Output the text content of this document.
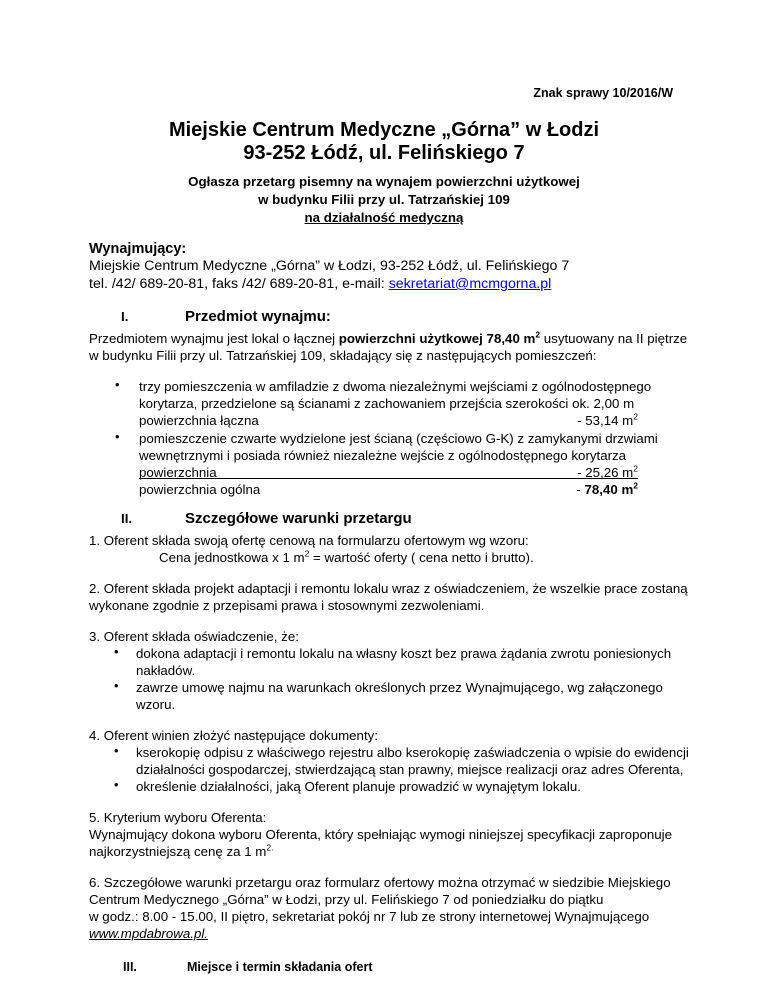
Znak sprawy 10/2016/W
Miejskie Centrum Medyczne „Górna” w Łodzi
93-252 Łódź, ul. Felińskiego 7
Ogłasza przetarg pisemny na wynajem powierzchni użytkowej
w budynku Filii przy ul. Tatrzańskiej 109
na działalność medyczną
Wynajmujący:
Miejskie Centrum Medyczne „Górna” w Łodzi, 93-252 Łódź, ul. Felińskiego 7
tel. /42/ 689-20-81, faks /42/ 689-20-81, e-mail: sekretariat@mcmgorna.pl
I.	Przedmiot wynajmu:
Przedmiotem wynajmu jest lokal o łącznej powierzchni użytkowej 78,40 $m^2$ usytuowany na II piętrze
w budynku Filii przy ul. Tatrzańskiej 109, składający się z następujących pomieszczeń:
• trzy pomieszczenia w amfiladzie z dwoma niezależnymi wejściami z ogólnodostępnego
korytarza, przedzielone są ścianami z zachowaniem przejścia szerokości ok. 2,00 m
powierzchnia łączna	- 53,14 $m^2$
• pomieszczenie czwarte wydzielone jest ścianą (częściowo G-K) z zamykanymi drzwiami
wewnętrznymi i posiada również niezależne wejście z ogólnodostępnego korytarza
powierzchnia	- 25,26 $m^2$
powierzchnia ogólna	- 78,40 $m^2$
II.	Szczegółowe warunki przetargu
1. Oferent składa swoją ofertę cenową na formularzu ofertowym wg wzoru:
Cena jednostkowa x 1 $m^2$ = wartość oferty ( cena netto i brutto).
2. Oferent składa projekt adaptacji i remontu lokalu wraz z oświadczeniem, że wszelkie prace zostaną
wykonane zgodnie z przepisami prawa i stosownymi zezwoleniami.
3. Oferent składa oświadczenie, że:
• dokona adaptacji i remontu lokalu na własny koszt bez prawa żądania zwrotu poniesionych
nakładów.
• zawrze umowę najmu na warunkach określonych przez Wynajmującego, wg załączonego
wzoru.
4. Oferent winien złożyć następujące dokumenty:
• kserokopię odpisu z właściwego rejestru albo kserokopię zaświadczenia o wpisie do ewidencji
działalności gospodarczej, stwierdzającą stan prawny, miejsce realizacji oraz adres Oferenta,
• określenie działalności, jaką Oferent planuje prowadzić w wynajętym lokalu.
5. Kryterium wyboru Oferenta:
Wynajmujący dokona wyboru Oferenta, który spełniając wymogi niniejszej specyfikacji zaproponuje
najkorzystniejszą cenę za 1 $m^{2.}$
6. Szczegółowe warunki przetargu oraz formularz ofertowy można otrzymać w siedzibie Miejskiego
Centrum Medycznego „Górna” w Łodzi, przy ul. Felińskiego 7 od poniedziałku do piątku
w godz.: 8.00 - 15.00, II piętro, sekretariat pokój nr 7 lub ze strony internetowej Wynajmującego
www.mpdabrowa.pl.
III.	Miejsce i termin składania ofert
